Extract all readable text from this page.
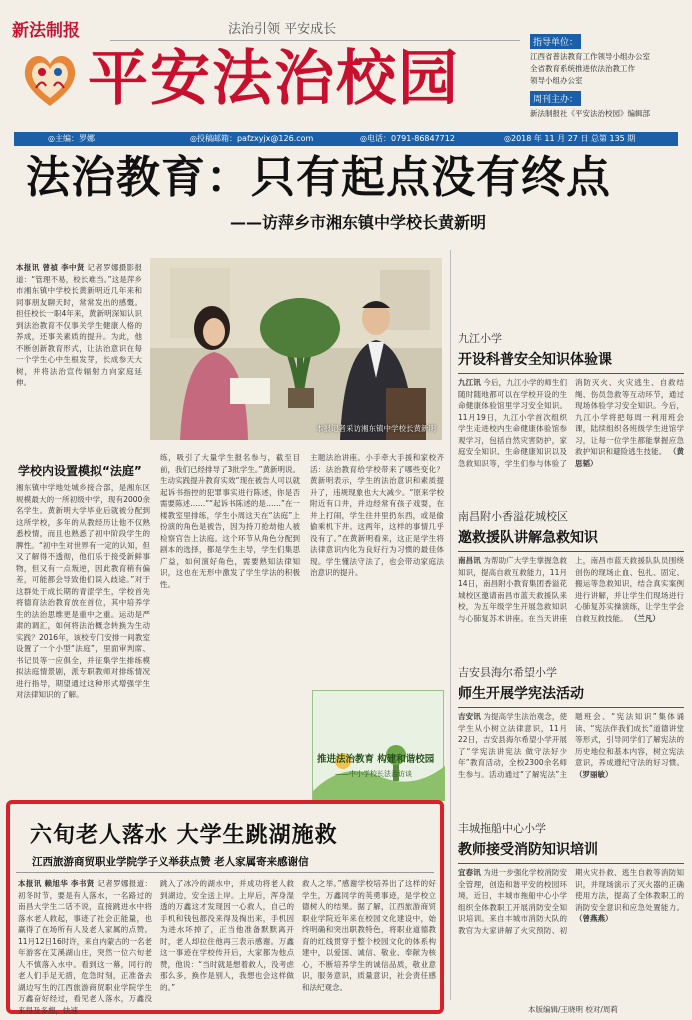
新法制报	法治引领 平安成长
平安法治校园
指导单位：
江西省普法教育工作领导小组办公室
全省教育系统推进依法治教工作
领导小组办公室
周刊主办：
新法制报社《平安法治校园》编辑部
◎主编：罗娜	◎投稿邮箱：pafzxyjx@126.com	◎电话：0791-86847712	◎2018 年 11 月 27 日 总第 135 期
法治教育：只有起点没有终点
——访萍乡市湘东镇中学校长黄新明
本报讯 曾禎 李中贤 记者罗娜摄影报道：“管理不易，校长难当。”这是萍乡市湘东镇中学校长黄新明近几年来和同事朋友聊天时，常常发出的感慨。担任校长一职4年来，黄新明深知认识到法治教育不仅事关学生健康人格的养成，还事关素质的提升。为此，他不断创新教育形式，让法治意识在每一个学生心中生根发芽，长成参天大树，并将法治宣传辐射力向家庭延伸。
本报记者采访湘东镇中学校长黄新明
九江小学
开设科普安全知识体验课
九江讯 今后，九江小学的师生们随时随地都可以在学校开设的生命健康体验馆里学习安全知识。11月19日，九江小学首次组织学生走进校内生命健康体验馆参观学习，包括自然灾害防护，家庭安全知识、生命健康知识以及急救知识等，学生们参与体验了消防灭火、火灾逃生、自救结绳、伤员急救等互动环节，通过现场体验学习安全知识。今后，九江小学将把每周一利用班会课，陆续组织各班级学生进馆学习，让每一位学生都能掌握应急救护知识和避险逃生技能。 （黄思韬）
南昌附小香溢花城校区
邀救援队讲解急救知识
南昌讯 为帮助广大学生掌握急救知识，提高自救互救能力，11月14日，南昌附小教育集团香溢花城校区邀请南昌市蓝天救援队来校，为五年级学生开展急救知识与心肺复苏术讲座。在当天讲座上，南昌市蓝天救援队队员围绕创伤的现场止血、包扎、固定、搬运等急救知识，结合真实案例进行讲解，并让学生们现场进行心肺复苏实操演练，让学生学会自救互救技能。 （兰凡）
吉安县海尔希望小学
师生开展学宪法活动
吉安讯 为提高学生法治观念，使学生从小树立法律意识，11月22日，吉安县海尔希望小学开展了“学宪法讲宪法 做守法好少年”教育活动，全校2300余名师生参与。活动通过“了解宪法”主题班会、“宪法知识”集体诵读、“宪法伴我们成长”道德讲堂等形式，引导同学们了解宪法的历史地位和基本内容，树立宪法意识，养成遵纪守法的好习惯。 （罗丽敏）
丰城拖船中心小学
教师接受消防知识培训
宜春讯 为进一步强化学校消防安全管理，创造和谐平安的校园环境，近日，丰城市拖船中心小学组织全体教职工开展消防安全知识培训。来自丰城市消防大队的教官为大家讲解了火灾预防、初期火灾扑救、逃生自救等消防知识，并现场演示了灭火器的正确使用方法，提高了全体教职工的消防安全意识和应急处置能力。 （曾燕燕）
学校内设置模拟“法庭”
湘东镇中学地处城乡接合部，是湘东区规模最大的一所初级中学，现有2000余名学生。黄新明大学毕业后就被分配到这所学校，多年的从教经历让他不仅熟悉校情，而且也熟悉了初中阶段学生的脾性。“初中生对世界有一定的认知，但又了解得不透彻，他们乐于接受新鲜事物，但又有一点叛逆，因此教育稍有偏差，可能都会导致他们误入歧途。”对于这群处于成长期的青涩学生，学校首先将德育法治教育放在首位，其中培养学生的法治思维更是重中之重。运动是严肃的调汇，如何将法治概念转换为生动实践？2016年，该校专门安排一间教室设置了一个小型“法庭”，里面审判席、书记员等一应俱全，并征集学生排练模拟法庭情景剧，派专职教师对排练情况进行指导，期望通过这种形式增强学生对法律知识的了解。
练，吸引了大量学生报名参与，截至目前，我们已经排导了3批学生。”黄新明说。生动实践提升教育实效“现在被告人可以就起诉书指控的犯罪事实进行陈述，你是否需要陈述……”“起诉书陈述的是……”在一楼教室里排练，学生小周这天在“法庭”上扮演的角色是被告，因为持刀抢劫他人被检察官告上法庭。这个环节从角色分配到剧本的选择，都是学生主导，学生们集思广益，如何演好角色，需要熟知法律知识，这也在无形中激发了学生学法的积极性。
主题法治讲座。小手牵大手援和家校齐活：法治教育给学校带来了哪些变化？黄新明表示，学生的法治意识和素质提升了，违规现象也大大减少。“原来学校附近有口井，并边经常有孩子戏耍，在井上打闹，学生往井里扔东西，或是偷偷乘机下井。这两年，这样的事情几乎没有了。”在黄新明看来，这正是学生将法律意识内化为良好行为习惯的最佳体现。学生懂法守法了，也会带动家庭法治意识的提升。
推进法治教育 构建和谐校园
——中小学校长法治访谈
六旬老人落水 大学生跳湖施救
江西旅游商贸职业学院学子义举获点赞 老人家属寄来感谢信
本报讯 赖旭华 李书贤 记者罗娜报道：初冬时节，要是有人落水，一名路过的南昌大学生二话不说，直接跳进水中将落水老人救起，事迹了社会正能量，也赢得了在场所有人及老人家属的点赞。11月12日16时许，来自内蒙古的一名老年游客在艾溪湖山庄，突然一位六旬老人不慎落入水中。看到这一幕，同行的老人们手足无措，危急时刻，正准备去湖边写生的江西旅游商贸职业学院学生万鑫奋好经过，看见老人落水，万鑫没来得及多想，快速
跳入了冰冷的湖水中，并成功将老人救到湖边，安全送上岸。上岸后，浑身湿透的万鑫这才发现因一心救人，自己的手机和钱包都没来得及掏出来，手机因为进水坏掉了，正当他准备默默离开时，老人却拉住他再三表示感谢。万鑫这一事迹在学校传开后，大家都为他点赞，他说：“当时就是想着救人，没考虑那么多，换作是别人，我想也会这样做的。”
救人之举。”感谢学校培养出了这样的好学生，万鑫同学的英勇事迹，是学校立德树人的结果。据了解，江西旅游商贸职业学院近年来在校园文化建设中，始终明确和突出职教特色，将职业道德教育的红线贯穿于整个校园文化的体系构建中，以爱国、诚信、敬业、奉献为核心，不断培养学生的诚信品质，敬业意识，服务意识，质量意识，社会责任感和法纪观念。
本版编辑/王晓明 校对/周莉
